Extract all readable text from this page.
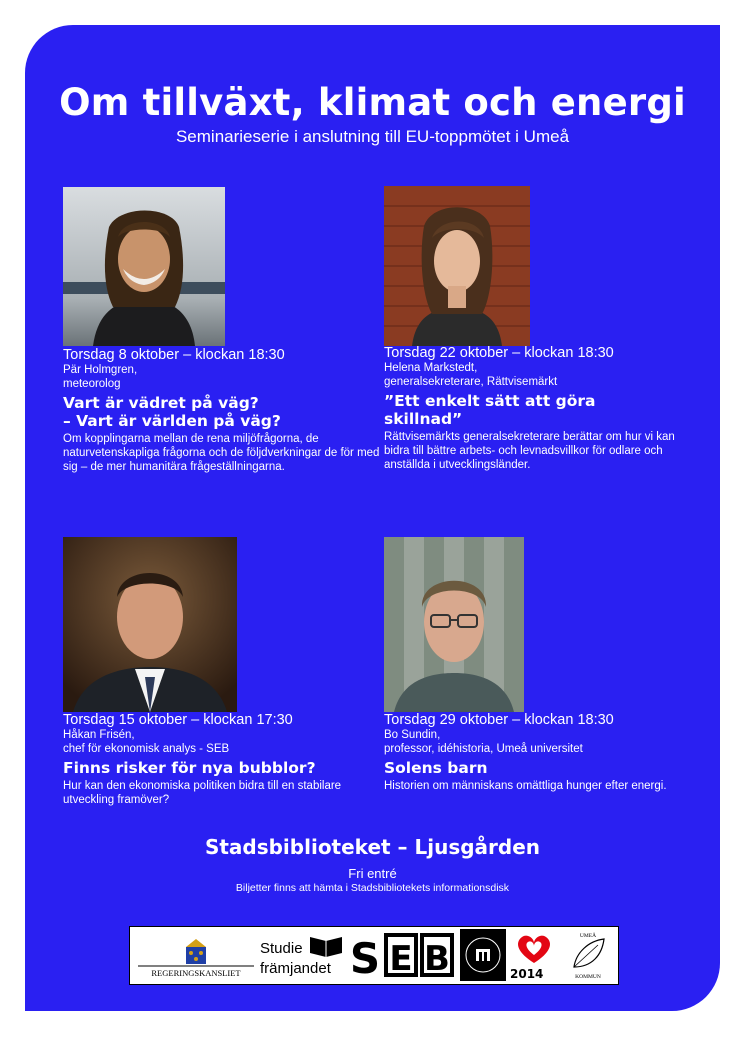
Om tillväxt, klimat och energi
Seminarieserie i anslutning till EU-toppmötet i Umeå
Torsdag 8 oktober – klockan 18:30
Pär Holmgren,
meteorolog
Vart är vädret på väg?
– Vart är världen på väg?
Om kopplingarna mellan de rena miljöfrågorna, de naturvetenskapliga frågorna och de följdverkningar de för med sig – de mer humanitära frågeställningarna.
Torsdag 22 oktober – klockan 18:30
Helena Markstedt,
generalsekreterare, Rättvisemärkt
”Ett enkelt sätt att göra
skillnad”
Rättvisemärkts generalsekreterare berättar om hur vi kan bidra till bättre arbets- och levnadsvillkor för odlare och anställda i utvecklingsländer.
Torsdag 15 oktober – klockan 17:30
Håkan Frisén,
chef för ekonomisk analys - SEB
Finns risker för nya bubblor?
Hur kan den ekonomiska politiken bidra till en stabilare utveckling framöver?
Torsdag 29 oktober – klockan 18:30
Bo Sundin,
professor, idéhistoria, Umeå universitet
Solens barn
Historien om människans omättliga hunger efter energi.
Stadsbiblioteket – Ljusgården
Fri entré
Biljetter finns att hämta i Stadsbibliotekets informationsdisk
REGERINGSKANSLIET
Studie
främjandet S E B	2014
UMEÅ
KOMMUN
